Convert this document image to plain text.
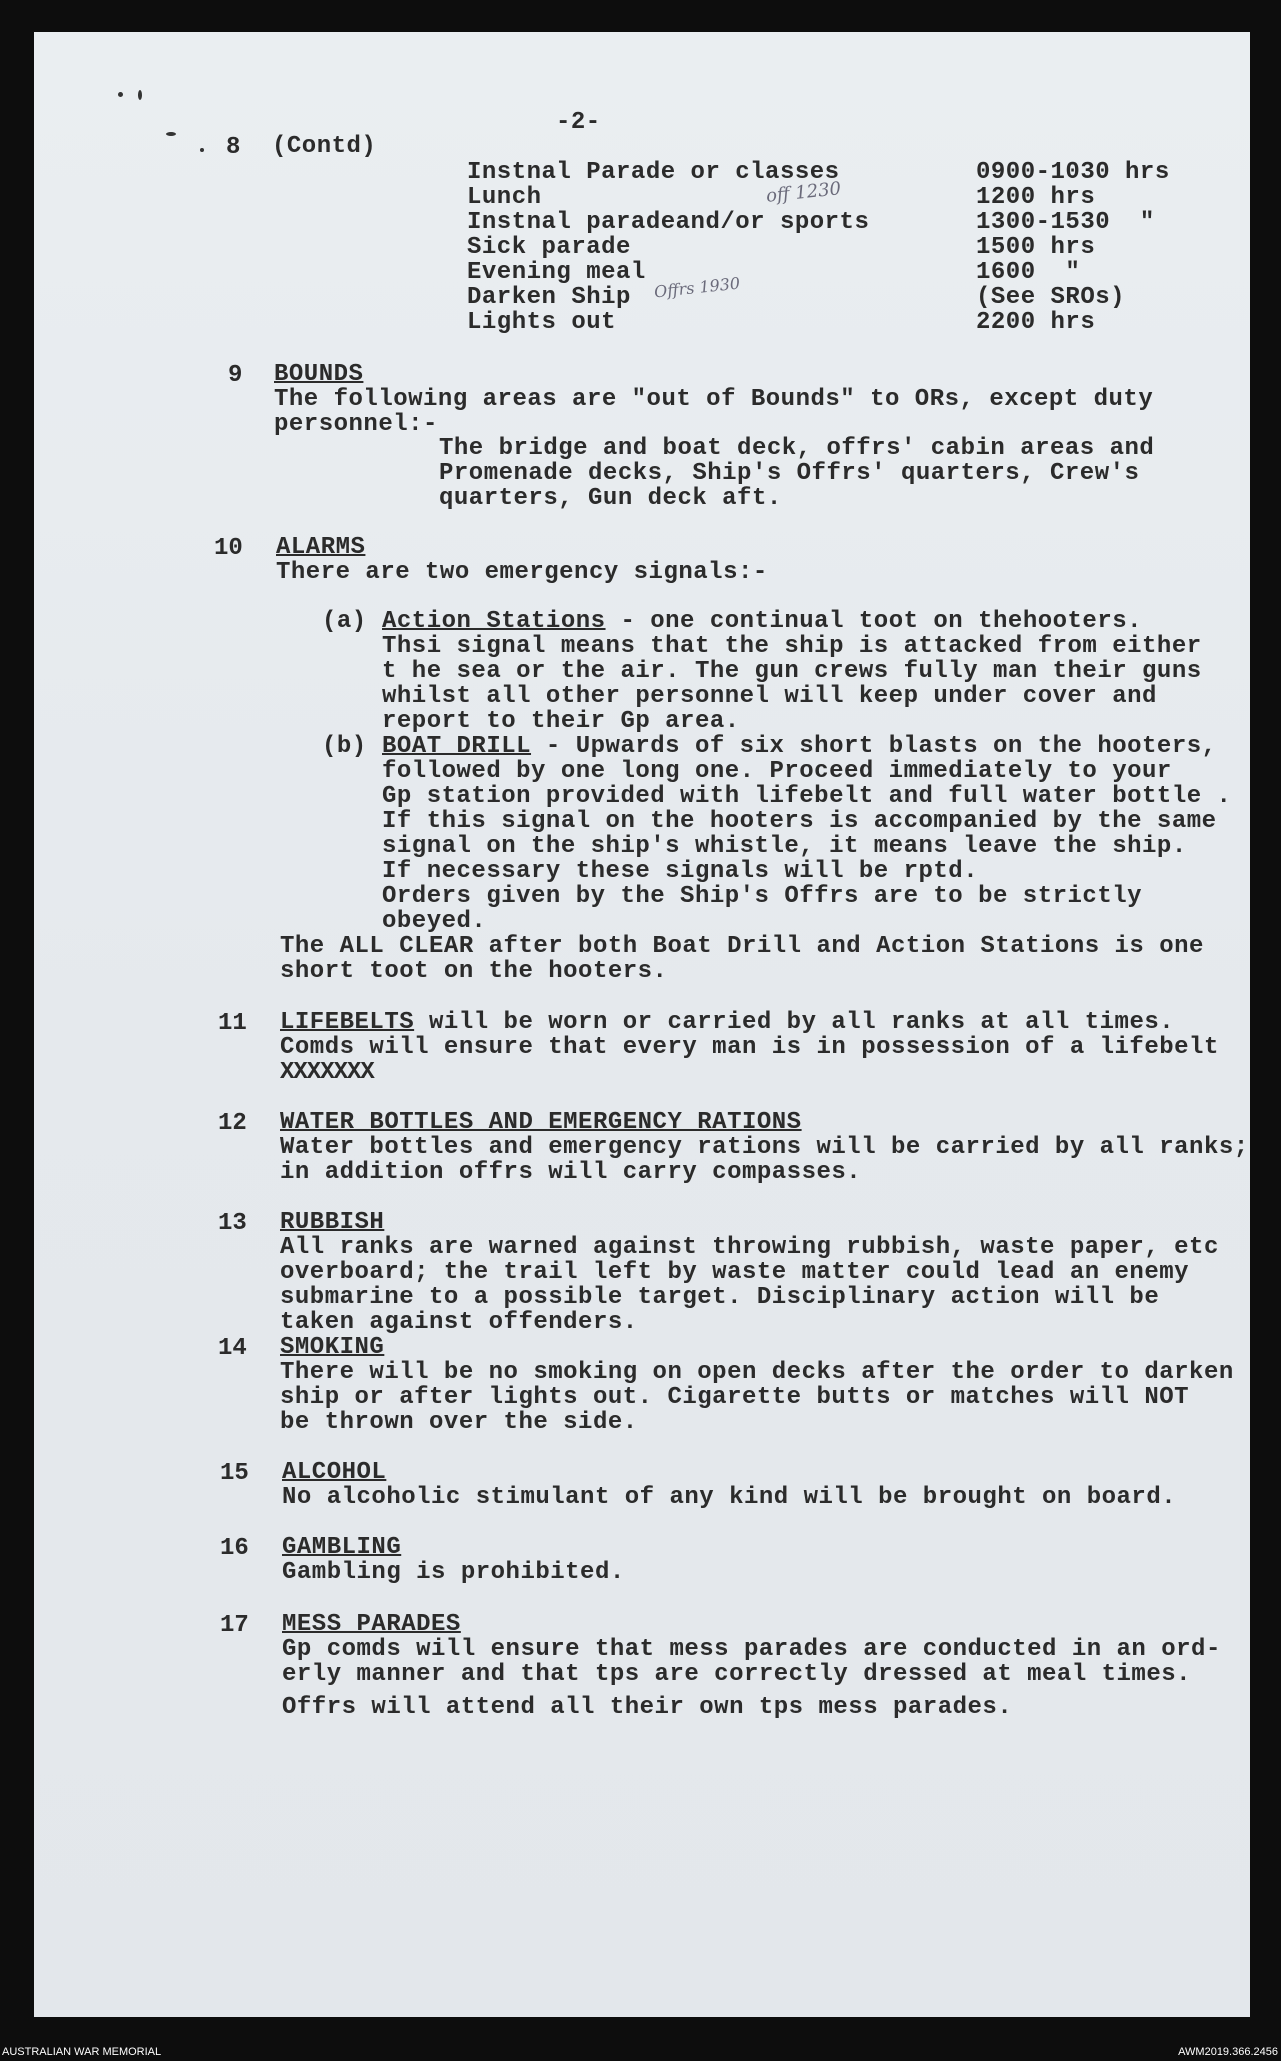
-2-
8 (Contd)
Instnal Parade or classes	0900-1030 hrs
Lunch	1200 hrs
Instnal paradeand/or sports	1300-1530  "
Sick parade	1500 hrs
Evening meal	1600  "
Darken Ship	(See SROs)
Lights out	2200 hrs
off 1230
Offrs 1930
9 BOUNDS
The following areas are "out of Bounds" to ORs, except duty
personnel:-
The bridge and boat deck, offrs' cabin areas and
Promenade decks, Ship's Offrs' quarters, Crew's
quarters, Gun deck aft.
10 ALARMS
There are two emergency signals:-
(a) Action Stations - one continual toot on thehooters.
Thsi signal means that the ship is attacked from either
t he sea or the air. The gun crews fully man their guns
whilst all other personnel will keep under cover and
report to their Gp area.
(b) BOAT DRILL - Upwards of six short blasts on the hooters,
followed by one long one. Proceed immediately to your
Gp station provided with lifebelt and full water bottle .
If this signal on the hooters is accompanied by the same
signal on the ship's whistle, it means leave the ship.
If necessary these signals will be rptd.
Orders given by the Ship's Offrs are to be strictly
obeyed.
The ALL CLEAR after both Boat Drill and Action Stations is one
short toot on the hooters.
11 LIFEBELTS will be worn or carried by all ranks at all times.
Comds will ensure that every man is in possession of a lifebelt
XXXXXXX
12 WATER BOTTLES AND EMERGENCY RATIONS
Water bottles and emergency rations will be carried by all ranks;
in addition offrs will carry compasses.
13 RUBBISH
All ranks are warned against throwing rubbish, waste paper, etc
overboard; the trail left by waste matter could lead an enemy
submarine to a possible target. Disciplinary action will be
taken against offenders.
14 SMOKING
There will be no smoking on open decks after the order to darken
ship or after lights out. Cigarette butts or matches will NOT
be thrown over the side.
15 ALCOHOL
No alcoholic stimulant of any kind will be brought on board.
16 GAMBLING
Gambling is prohibited.
17 MESS PARADES
Gp comds will ensure that mess parades are conducted in an ord-
erly manner and that tps are correctly dressed at meal times.
Offrs will attend all their own tps mess parades.
AUSTRALIAN WAR MEMORIAL	AWM2019.366.2456
